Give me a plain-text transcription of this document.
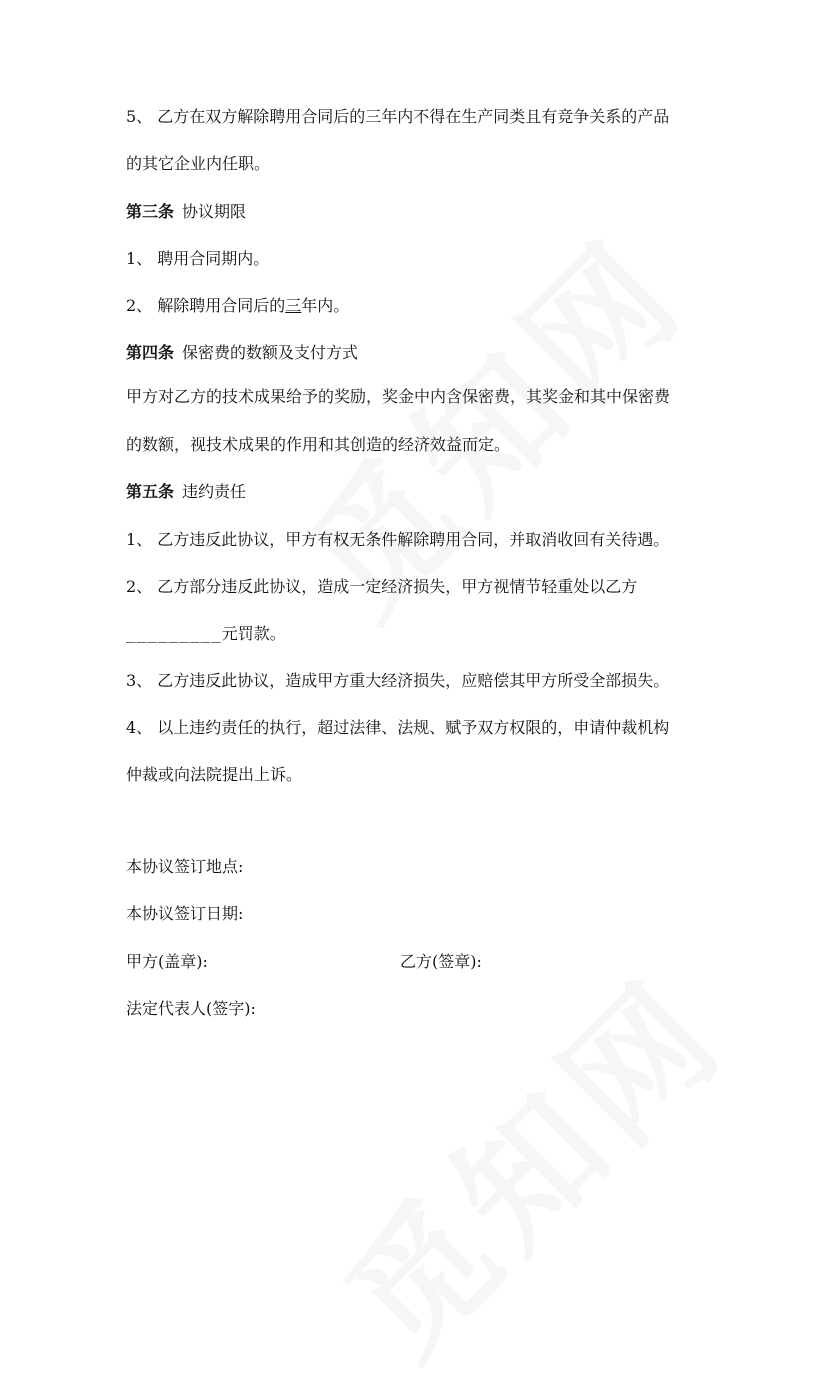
5、 乙方在双方解除聘用合同后的三年内不得在生产同类且有竞争关系的产品
的其它企业内任职。
第三条 协议期限
1、 聘用合同期内。
2、 解除聘用合同后的三年内。
第四条 保密费的数额及支付方式
甲方对乙方的技术成果给予的奖励，奖金中内含保密费，其奖金和其中保密费
的数额，视技术成果的作用和其创造的经济效益而定。
第五条 违约责任
1、 乙方违反此协议，甲方有权无条件解除聘用合同，并取消收回有关待遇。
2、 乙方部分违反此协议，造成一定经济损失，甲方视情节轻重处以乙方
_________元罚款。
3、 乙方违反此协议，造成甲方重大经济损失，应赔偿其甲方所受全部损失。
4、 以上违约责任的执行，超过法律、法规、赋予双方权限的，申请仲裁机构
仲裁或向法院提出上诉。
本协议签订地点:
本协议签订日期:
甲方(盖章):	乙方(签章):
法定代表人(签字):
